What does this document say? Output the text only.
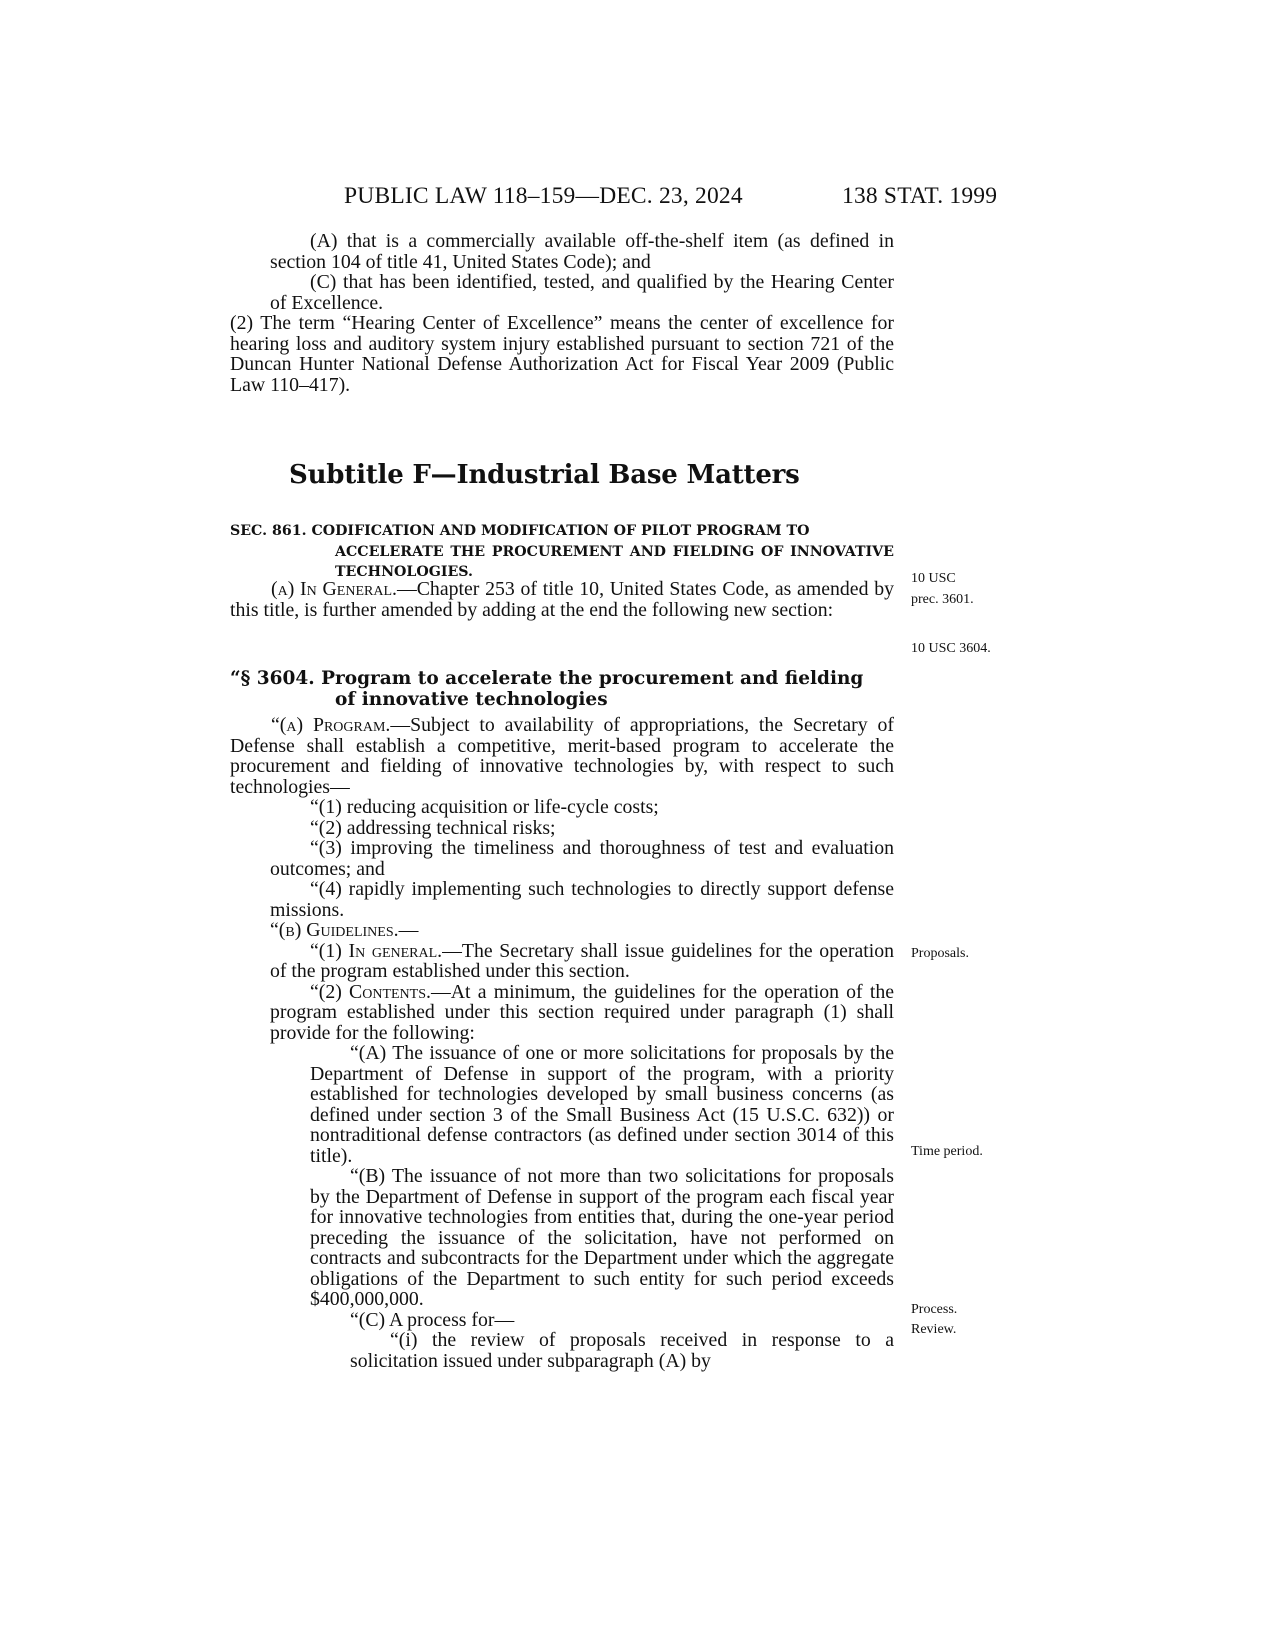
PUBLIC LAW 118–159—DEC. 23, 2024	138 STAT. 1999

(A) that is a commercially available off-the-shelf item (as defined in section 104 of title 41, United States Code); and

(C) that has been identified, tested, and qualified by the Hearing Center of Excellence.

(2) The term “Hearing Center of Excellence” means the center of excellence for hearing loss and auditory system injury established pursuant to section 721 of the Duncan Hunter National Defense Authorization Act for Fiscal Year 2009 (Public Law 110–417).

Subtitle F—Industrial Base Matters

SEC. 861. CODIFICATION AND MODIFICATION OF PILOT PROGRAM TO

ACCELERATE THE PROCUREMENT AND FIELDING OF INNOVATIVE TECHNOLOGIES.

(a) In General.—Chapter 253 of title 10, United States Code, as amended by this title, is further amended by adding at the end the following new section:

“§ 3604. Program to accelerate the procurement and fielding

of innovative technologies

“(a) Program.—Subject to availability of appropriations, the Secretary of Defense shall establish a competitive, merit-based program to accelerate the procurement and fielding of innovative technologies by, with respect to such technologies—

“(1) reducing acquisition or life-cycle costs;

“(2) addressing technical risks;

“(3) improving the timeliness and thoroughness of test and evaluation outcomes; and

“(4) rapidly implementing such technologies to directly support defense missions.

“(b) Guidelines.—

“(1) In general.—The Secretary shall issue guidelines for the operation of the program established under this section.

“(2) Contents.—At a minimum, the guidelines for the operation of the program established under this section required under paragraph (1) shall provide for the following:

“(A) The issuance of one or more solicitations for proposals by the Department of Defense in support of the program, with a priority established for technologies developed by small business concerns (as defined under section 3 of the Small Business Act (15 U.S.C. 632)) or nontraditional defense contractors (as defined under section 3014 of this title).

“(B) The issuance of not more than two solicitations for proposals by the Department of Defense in support of the program each fiscal year for innovative technologies from entities that, during the one-year period preceding the issuance of the solicitation, have not performed on contracts and subcontracts for the Department under which the aggregate obligations of the Department to such entity for such period exceeds $400,000,000.

“(C) A process for—

“(i) the review of proposals received in response to a solicitation issued under subparagraph (A) by

10 USC
prec. 3601.
10 USC 3604.
Proposals.
Time period.
Process.
Review.
